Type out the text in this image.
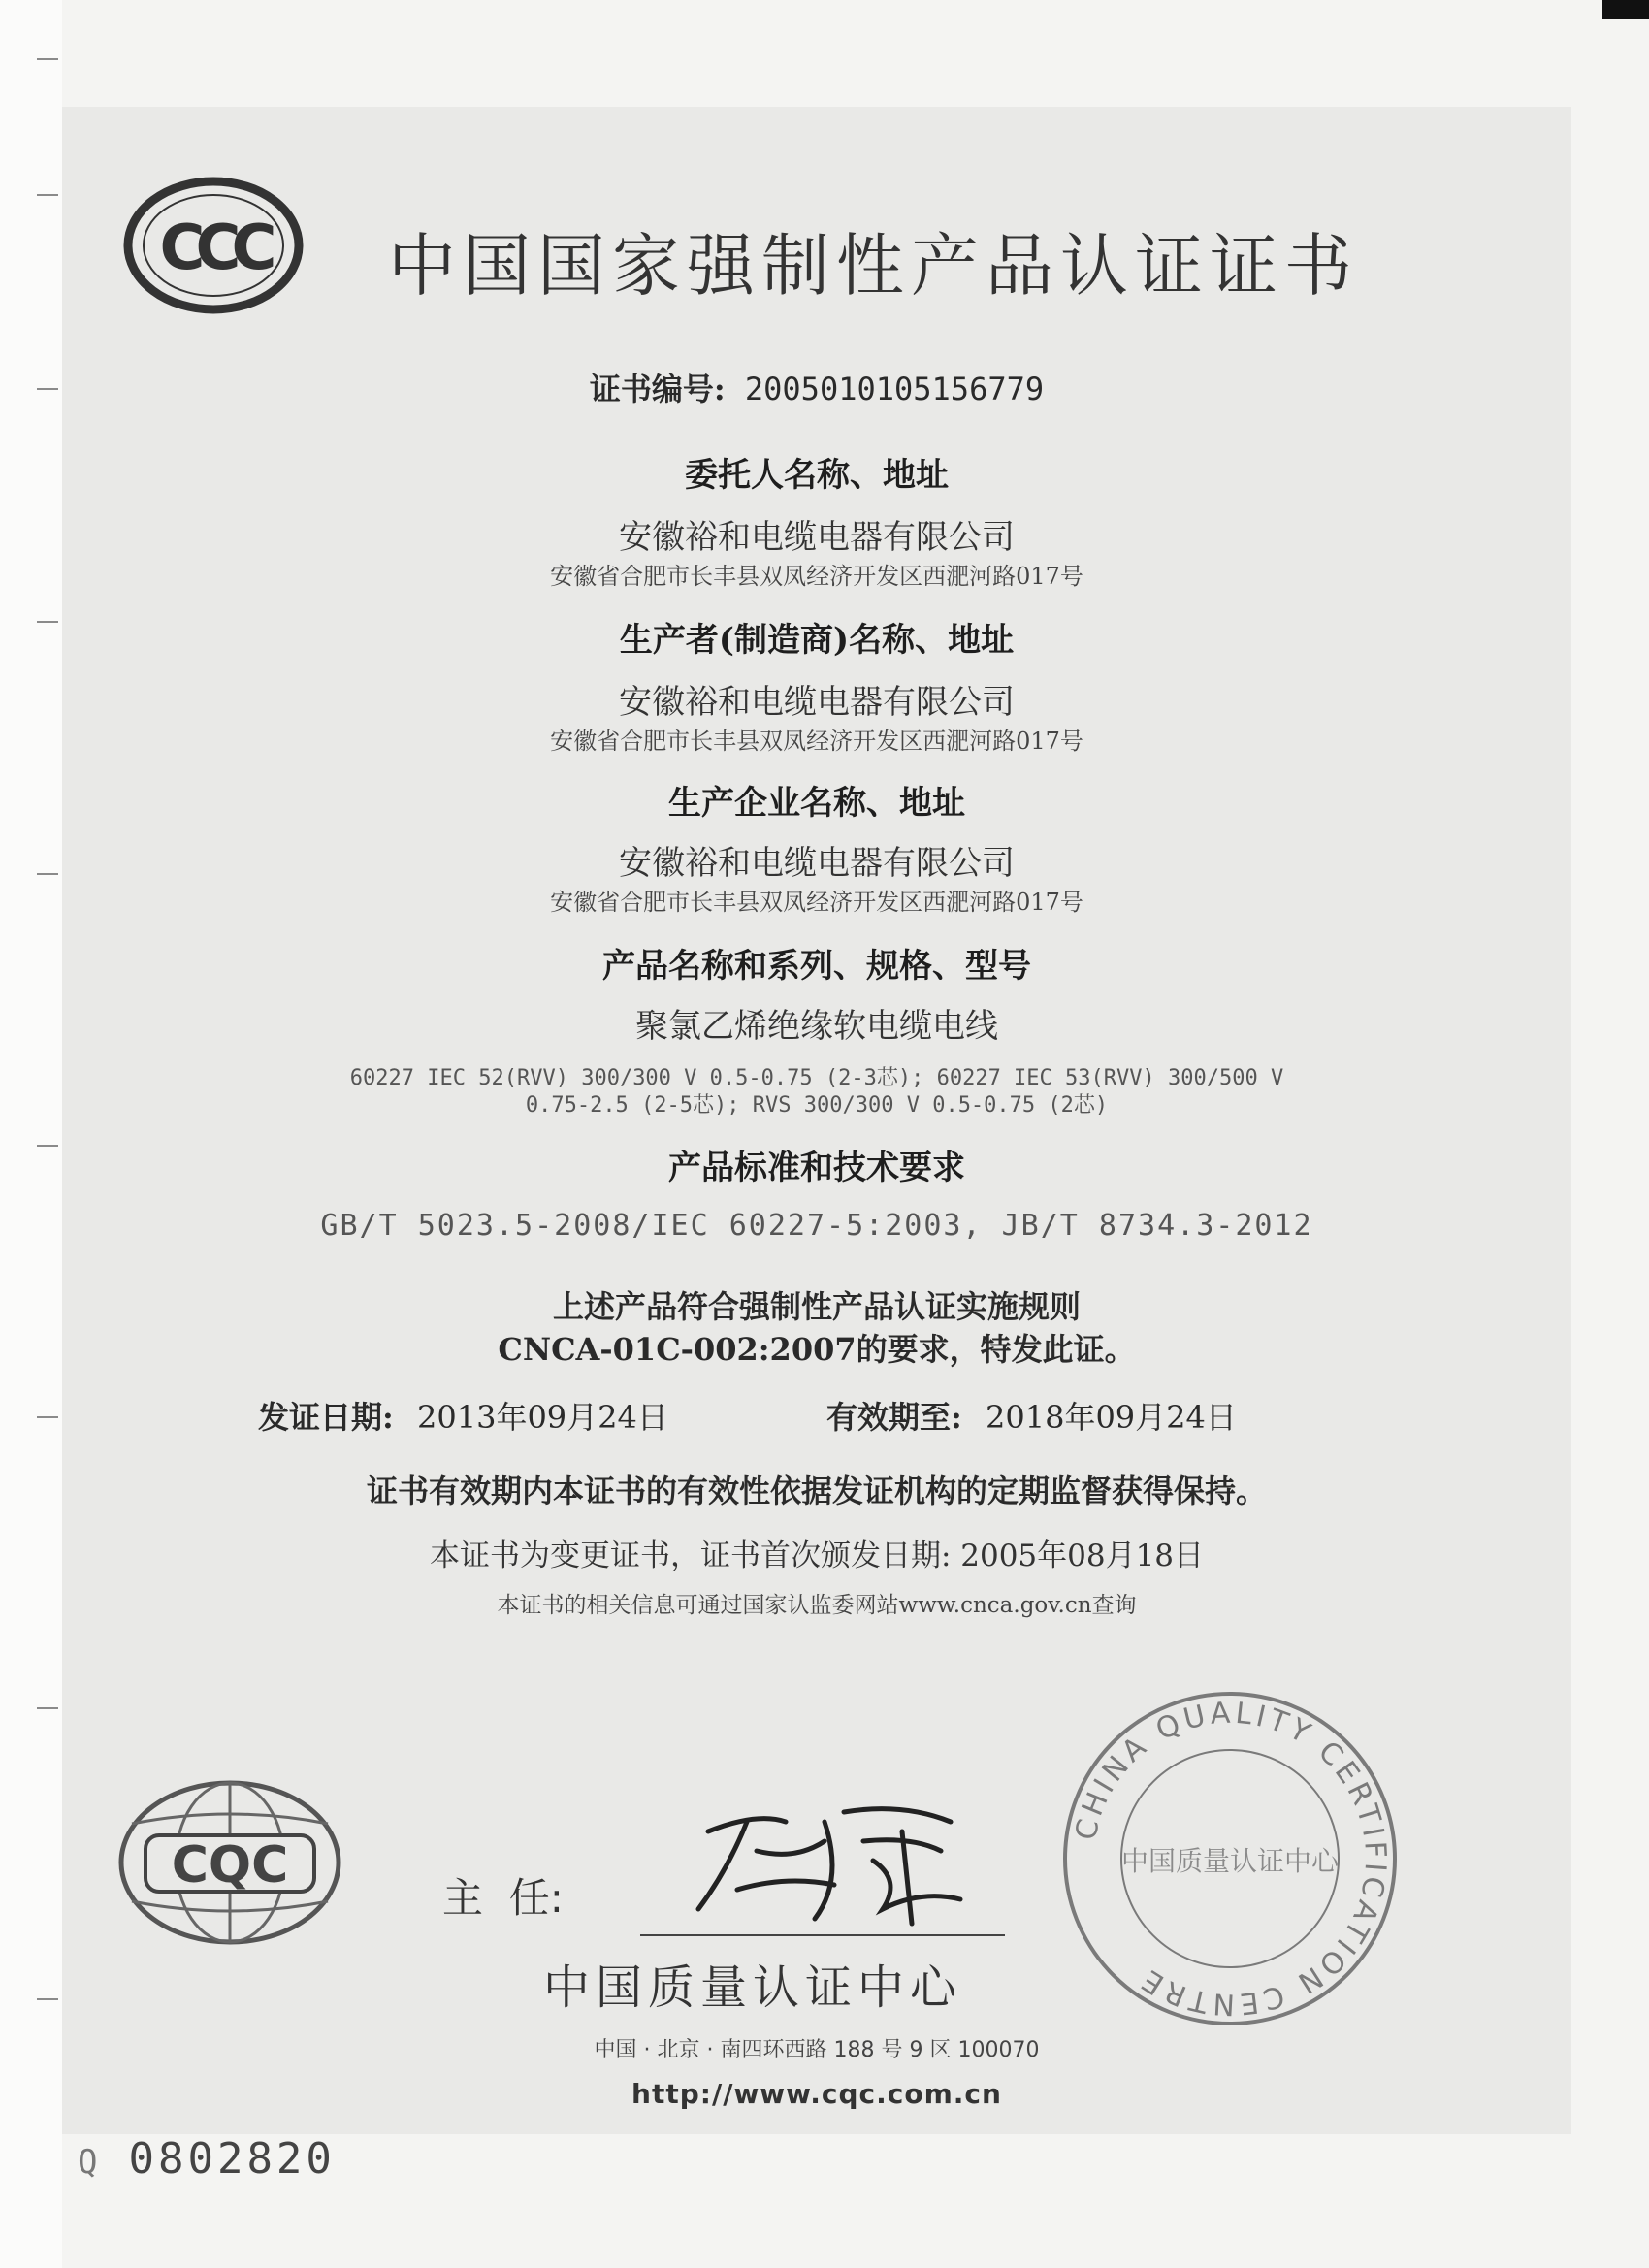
CCC 中国国家强制性产品认证证书
证书编号: 2005010105156779
委托人名称、地址
安徽裕和电缆电器有限公司
安徽省合肥市长丰县双凤经济开发区西淝河路017号
生产者(制造商)名称、地址
安徽裕和电缆电器有限公司
安徽省合肥市长丰县双凤经济开发区西淝河路017号
生产企业名称、地址
安徽裕和电缆电器有限公司
安徽省合肥市长丰县双凤经济开发区西淝河路017号
产品名称和系列、规格、型号
聚氯乙烯绝缘软电缆电线
60227 IEC 52(RVV) 300/300 V 0.5-0.75 (2-3芯); 60227 IEC 53(RVV) 300/500 V
0.75-2.5 (2-5芯); RVS 300/300 V 0.5-0.75 (2芯)
产品标准和技术要求
GB/T 5023.5-2008/IEC 60227-5:2003, JB/T 8734.3-2012
上述产品符合强制性产品认证实施规则
CNCA-01C-002:2007的要求，特发此证。
发证日期: 2013年09月24日	有效期至: 2018年09月24日
证书有效期内本证书的有效性依据发证机构的定期监督获得保持。
本证书为变更证书，证书首次颁发日期: 2005年08月18日
本证书的相关信息可通过国家认监委网站www.cnca.gov.cn查询
CQC
主  任:
中国质量认证中心
CHINA QUALITY CERTIFICATION CENTRE
中国质量认证中心
中国 · 北京 · 南四环西路 188 号 9 区 100070
http://www.cqc.com.cn
Q 0802820
